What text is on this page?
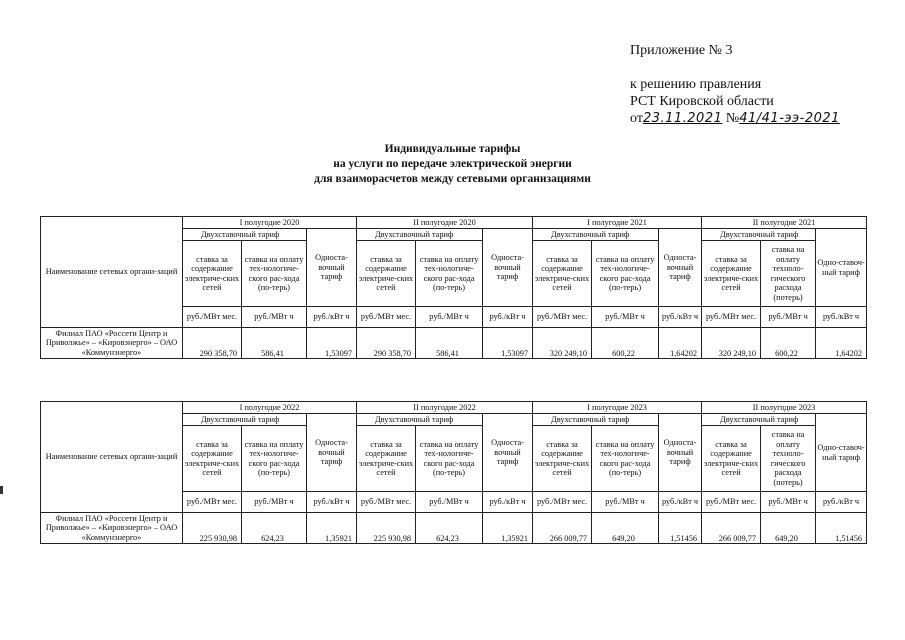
Приложение № 3
к решению правления
РСТ Кировской области
от23.11.2021 №41/41-ээ-2021
Индивидуальные тарифы
на услуги по передаче электрической энергии
для взаиморасчетов между сетевыми организациями
Наименование сетевых органи-заций	I полугодие 2020			II полугодие 2020			I полугодие 2021			II полугодие 2021		
	Двухставочный тариф		Односта-вочный тариф	Двухставочный тариф		Односта-вочный тариф	Двухставочный тариф		Односта-вочный тариф	Двухставочный тариф		Одно-ставоч-ный тариф
	ставка за содержание электриче-ских сетей	ставка на оплату тех-нологиче-ского рас-хода (по-терь)		ставка за содержание электриче-ских сетей	ставка на оплату тех-нологиче-ского рас-хода (по-терь)		ставка за содержание электриче-ских сетей	ставка на оплату тех-нологиче-ского рас-хода (по-терь)		ставка за содержание электриче-ских сетей	ставка на оплату техноло-гического расхода (потерь)	
	руб./МВт мес.	руб./МВт ч	руб./кВт ч	руб./МВт мес.	руб./МВт ч	руб./кВт ч	руб./МВт мес.	руб./МВт ч	руб./кВт ч	руб./МВт мес.	руб./МВт ч	руб./кВт ч
Филиал ПАО «Россети Центр и Приволжье» – «Кировэнерго» – ОАО «Коммунэнерго»	290 358,70	586,41	1,53097	290 358,70	586,41	1,53097	320 249,10	600,22	1,64202	320 249,10	600,22	1,64202
Наименование сетевых органи-заций	I полугодие 2022			II полугодие 2022			I полугодие 2023			II полугодие 2023		
	Двухставочный тариф		Односта-вочный тариф	Двухставочный тариф		Односта-вочный тариф	Двухставочный тариф		Односта-вочный тариф	Двухставочный тариф		Одно-ставоч-ный тариф
	ставка за содержание электриче-ских сетей	ставка на оплату тех-нологиче-ского рас-хода (по-терь)		ставка за содержание электриче-ских сетей	ставка на оплату тех-нологиче-ского рас-хода (по-терь)		ставка за содержание электриче-ских сетей	ставка на оплату тех-нологиче-ского рас-хода (по-терь)		ставка за содержание электриче-ских сетей	ставка на оплату техноло-гического расхода (потерь)	
	руб./МВт мес.	руб./МВт ч	руб./кВт ч	руб./МВт мес.	руб./МВт ч	руб./кВт ч	руб./МВт мес.	руб./МВт ч	руб./кВт ч	руб./МВт мес.	руб./МВт ч	руб./кВт ч
Филиал ПАО «Россети Центр и Приволжье» – «Кировэнерго» – ОАО «Коммунэнерго»	225 930,98	624,23	1,35921	225 930,98	624,23	1,35921	266 009,77	649,20	1,51456	266 009,77	649,20	1,51456
